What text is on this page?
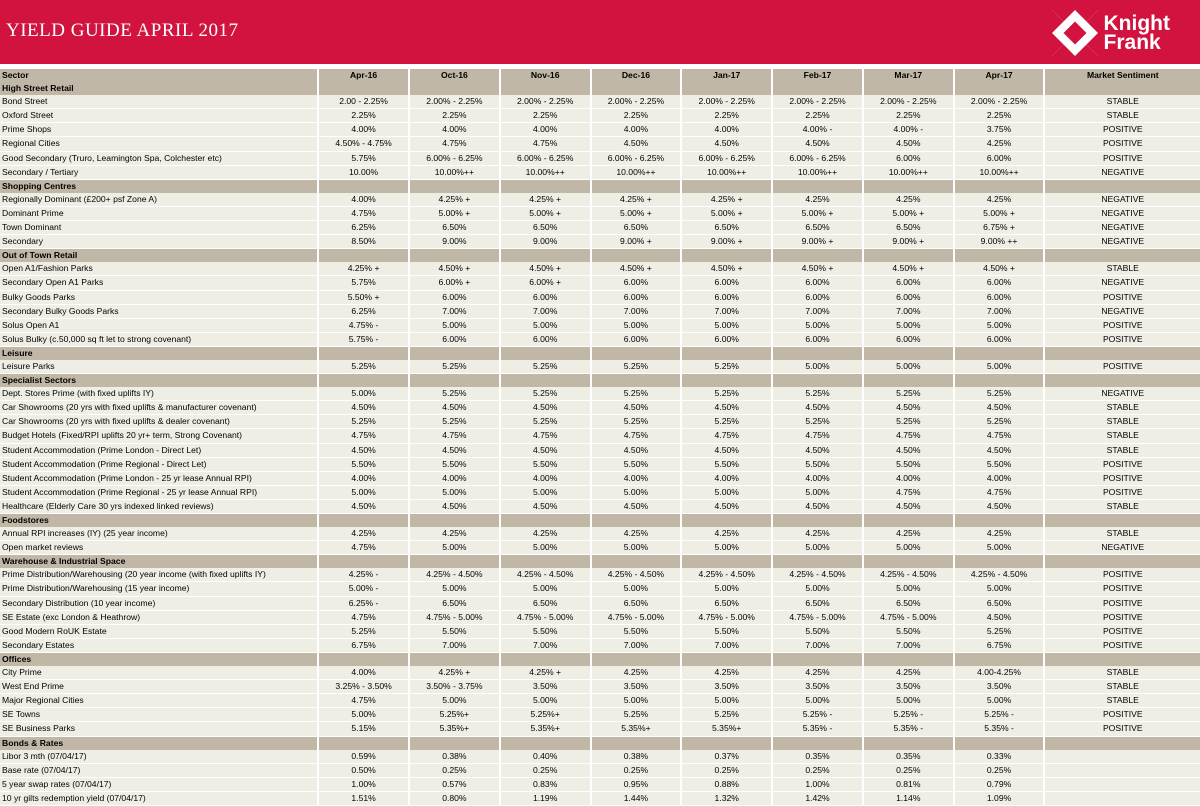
YIELD GUIDE APRIL 2017	Knight
Frank
Sector	Apr-16	Oct-16	Nov-16	Dec-16	Jan-17	Feb-17	Mar-17	Apr-17	Market Sentiment
High Street Retail
Bond Street	2.00 - 2.25%	2.00% - 2.25%	2.00% - 2.25%	2.00% - 2.25%	2.00% - 2.25%	2.00% - 2.25%	2.00% - 2.25%	2.00% - 2.25%	STABLE
Oxford Street	2.25%	2.25%	2.25%	2.25%	2.25%	2.25%	2.25%	2.25%	STABLE
Prime Shops	4.00%	4.00%	4.00%	4.00%	4.00%	4.00% -	4.00% -	3.75%	POSITIVE
Regional Cities	4.50% - 4.75%	4.75%	4.75%	4.50%	4.50%	4.50%	4.50%	4.25%	POSITIVE
Good Secondary (Truro, Leamington Spa, Colchester etc)	5.75%	6.00% - 6.25%	6.00% - 6.25%	6.00% - 6.25%	6.00% - 6.25%	6.00% - 6.25%	6.00%	6.00%	POSITIVE
Secondary / Tertiary	10.00%	10.00%++	10.00%++	10.00%++	10.00%++	10.00%++	10.00%++	10.00%++	NEGATIVE
Shopping Centres
Regionally Dominant (£200+ psf Zone A)	4.00%	4.25% +	4.25% +	4.25% +	4.25% +	4.25%	4.25%	4.25%	NEGATIVE
Dominant Prime	4.75%	5.00% +	5.00% +	5.00% +	5.00% +	5.00% +	5.00% +	5.00% +	NEGATIVE
Town Dominant	6.25%	6.50%	6.50%	6.50%	6.50%	6.50%	6.50%	6.75% +	NEGATIVE
Secondary	8.50%	9.00%	9.00%	9.00% +	9.00% +	9.00% +	9.00% +	9.00% ++	NEGATIVE
Out of Town Retail
Open A1/Fashion Parks	4.25% +	4.50% +	4.50% +	4.50% +	4.50% +	4.50% +	4.50% +	4.50% +	STABLE
Secondary Open A1 Parks	5.75%	6.00% +	6.00% +	6.00%	6.00%	6.00%	6.00%	6.00%	NEGATIVE
Bulky Goods Parks	5.50% +	6.00%	6.00%	6.00%	6.00%	6.00%	6.00%	6.00%	POSITIVE
Secondary Bulky Goods Parks	6.25%	7.00%	7.00%	7.00%	7.00%	7.00%	7.00%	7.00%	NEGATIVE
Solus Open A1	4.75% -	5.00%	5.00%	5.00%	5.00%	5.00%	5.00%	5.00%	POSITIVE
Solus Bulky (c.50,000 sq ft let to strong covenant)	5.75% -	6.00%	6.00%	6.00%	6.00%	6.00%	6.00%	6.00%	POSITIVE
Leisure
Leisure Parks	5.25%	5.25%	5.25%	5.25%	5.25%	5.00%	5.00%	5.00%	POSITIVE
Specialist Sectors
Dept. Stores Prime (with fixed uplifts IY)	5.00%	5.25%	5.25%	5.25%	5.25%	5.25%	5.25%	5.25%	NEGATIVE
Car Showrooms (20 yrs with fixed uplifts & manufacturer covenant)	4.50%	4.50%	4.50%	4.50%	4.50%	4.50%	4.50%	4.50%	STABLE
Car Showrooms (20 yrs with fixed uplifts & dealer covenant)	5.25%	5.25%	5.25%	5.25%	5.25%	5.25%	5.25%	5.25%	STABLE
Budget Hotels (Fixed/RPI uplifts 20 yr+ term, Strong Covenant)	4.75%	4.75%	4.75%	4.75%	4.75%	4.75%	4.75%	4.75%	STABLE
Student Accommodation (Prime London - Direct Let)	4.50%	4.50%	4.50%	4.50%	4.50%	4.50%	4.50%	4.50%	STABLE
Student Accommodation (Prime Regional - Direct Let)	5.50%	5.50%	5.50%	5.50%	5.50%	5.50%	5.50%	5.50%	POSITIVE
Student Accommodation (Prime London - 25 yr lease Annual RPI)	4.00%	4.00%	4.00%	4.00%	4.00%	4.00%	4.00%	4.00%	POSITIVE
Student Accommodation (Prime Regional - 25 yr lease Annual RPI)	5.00%	5.00%	5.00%	5.00%	5.00%	5.00%	4.75%	4.75%	POSITIVE
Healthcare (Elderly Care 30 yrs indexed linked reviews)	4.50%	4.50%	4.50%	4.50%	4.50%	4.50%	4.50%	4.50%	STABLE
Foodstores
Annual RPI increases (IY) (25 year income)	4.25%	4.25%	4.25%	4.25%	4.25%	4.25%	4.25%	4.25%	STABLE
Open market reviews	4.75%	5.00%	5.00%	5.00%	5.00%	5.00%	5.00%	5.00%	NEGATIVE
Warehouse & Industrial Space
Prime Distribution/Warehousing (20 year income (with fixed uplifts IY)	4.25% -	4.25% - 4.50%	4.25% - 4.50%	4.25% - 4.50%	4.25% - 4.50%	4.25% - 4.50%	4.25% - 4.50%	4.25% - 4.50%	POSITIVE
Prime Distribution/Warehousing (15 year income)	5.00% -	5.00%	5.00%	5.00%	5.00%	5.00%	5.00%	5.00%	POSITIVE
Secondary Distribution (10 year income)	6.25% -	6.50%	6.50%	6.50%	6.50%	6.50%	6.50%	6.50%	POSITIVE
SE Estate (exc London & Heathrow)	4.75%	4.75% - 5.00%	4.75% - 5.00%	4.75% - 5.00%	4.75% - 5.00%	4.75% - 5.00%	4.75% - 5.00%	4.50%	POSITIVE
Good Modern RoUK Estate	5.25%	5.50%	5.50%	5.50%	5.50%	5.50%	5.50%	5.25%	POSITIVE
Secondary Estates	6.75%	7.00%	7.00%	7.00%	7.00%	7.00%	7.00%	6.75%	POSITIVE
Offices
City Prime	4.00%	4.25% +	4.25% +	4.25%	4.25%	4.25%	4.25%	4.00-4.25%	STABLE
West End Prime	3.25% - 3.50%	3.50% - 3.75%	3.50%	3.50%	3.50%	3.50%	3.50%	3.50%	STABLE
Major Regional Cities	4.75%	5.00%	5.00%	5.00%	5.00%	5.00%	5.00%	5.00%	STABLE
SE Towns	5.00%	5.25%+	5.25%+	5.25%	5.25%	5.25% -	5.25% -	5.25% -	POSITIVE
SE Business Parks	5.15%	5.35%+	5.35%+	5.35%+	5.35%+	5.35% -	5.35% -	5.35% -	POSITIVE
Bonds & Rates
Libor 3 mth (07/04/17)	0.59%	0.38%	0.40%	0.38%	0.37%	0.35%	0.35%	0.33%
Base rate (07/04/17)	0.50%	0.25%	0.25%	0.25%	0.25%	0.25%	0.25%	0.25%
5 year swap rates (07/04/17)	1.00%	0.57%	0.83%	0.95%	0.88%	1.00%	0.81%	0.79%
10 yr gilts redemption yield (07/04/17)	1.51%	0.80%	1.19%	1.44%	1.32%	1.42%	1.14%	1.09%
